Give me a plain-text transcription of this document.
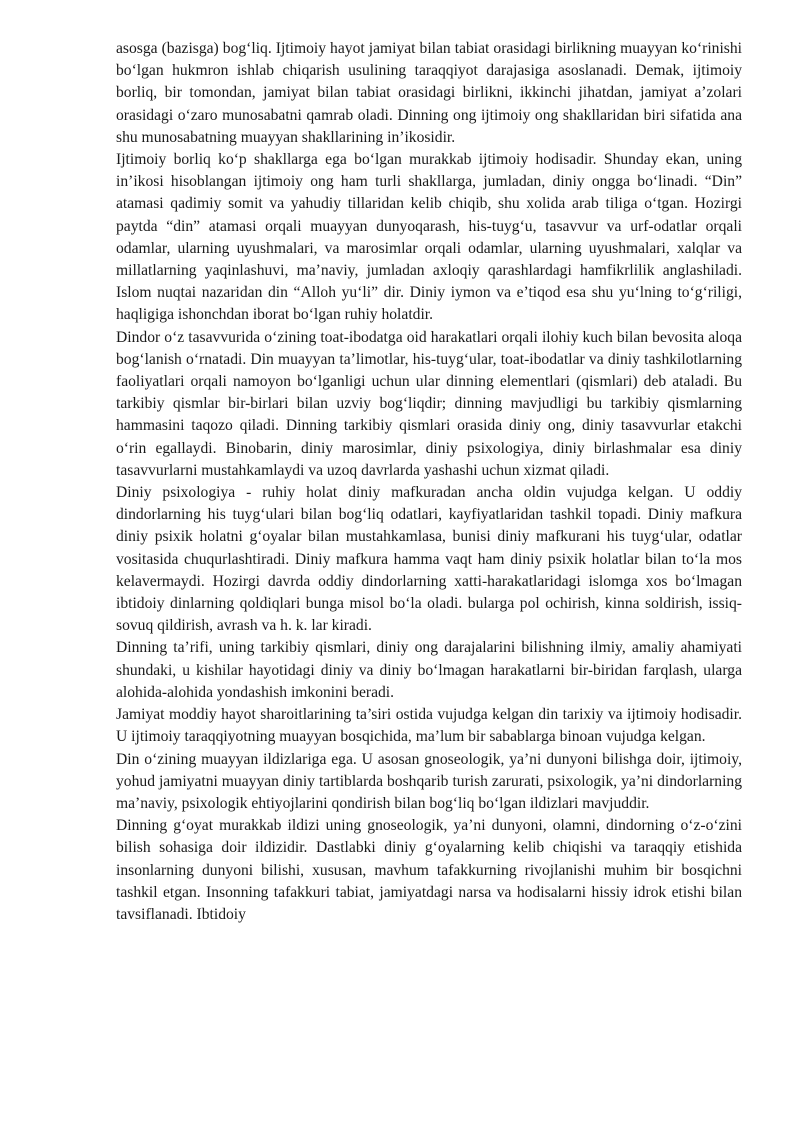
asosga (bazisga) bog‘liq. Ijtimoiy hayot jamiyat bilan tabiat orasidagi birlikning muayyan ko‘rinishi bo‘lgan hukmron ishlab chiqarish usulining taraqqiyot darajasiga asoslanadi. Demak, ijtimoiy borliq, bir tomondan, jamiyat bilan tabiat orasidagi birlikni, ikkinchi jihatdan, jamiyat a’zolari orasidagi o‘zaro munosabatni qamrab oladi. Dinning ong ijtimoiy ong shakllaridan biri sifatida ana shu munosabatning muayyan shakllarining in’ikosidir.

Ijtimoiy borliq ko‘p shakllarga ega bo‘lgan murakkab ijtimoiy hodisadir. Shunday ekan, uning in’ikosi hisoblangan ijtimoiy ong ham turli shakllarga, jumladan, diniy ongga bo‘linadi. “Din” atamasi qadimiy somit va yahudiy tillaridan kelib chiqib, shu xolida arab tiliga o‘tgan. Hozirgi paytda “din” atamasi orqali muayyan dunyoqarash, his-tuyg‘u, tasavvur va urf-odatlar orqali odamlar, ularning uyushmalari, va marosimlar orqali odamlar, ularning uyushmalari, xalqlar va millatlarning yaqinlashuvi, ma’naviy, jumladan axloqiy qarashlardagi hamfikrlilik anglashiladi. Islom nuqtai nazaridan din “Alloh yu‘li” dir. Diniy iymon va e’tiqod esa shu yu‘lning to‘g‘riligi, haqligiga ishonchdan iborat bo‘lgan ruhiy holatdir.

Dindor o‘z tasavvurida o‘zining toat-ibodatga oid harakatlari orqali ilohiy kuch bilan bevosita aloqa bog‘lanish o‘rnatadi. Din muayyan ta’limotlar, his-tuyg‘ular, toat-ibodatlar va diniy tashkilotlarning faoliyatlari orqali namoyon bo‘lganligi uchun ular dinning elementlari (qismlari) deb ataladi. Bu tarkibiy qismlar bir-birlari bilan uzviy bog‘liqdir; dinning mavjudligi bu tarkibiy qismlarning hammasini taqozo qiladi. Dinning tarkibiy qismlari orasida diniy ong, diniy tasavvurlar etakchi o‘rin egallaydi. Binobarin, diniy marosimlar, diniy psixologiya, diniy birlashmalar esa diniy tasavvurlarni mustahkamlaydi va uzoq davrlarda yashashi uchun xizmat qiladi.

Diniy psixologiya - ruhiy holat diniy mafkuradan ancha oldin vujudga kelgan. U oddiy dindorlarning his tuyg‘ulari bilan bog‘liq odatlari, kayfiyatlaridan tashkil topadi. Diniy mafkura diniy psixik holatni g‘oyalar bilan mustahkamlasa, bunisi diniy mafkurani his tuyg‘ular, odatlar vositasida chuqurlashtiradi. Diniy mafkura hamma vaqt ham diniy psixik holatlar bilan to‘la mos kelavermaydi. Hozirgi davrda oddiy dindorlarning xatti-harakatlaridagi islomga xos bo‘lmagan ibtidoiy dinlarning qoldiqlari bunga misol bo‘la oladi. bularga pol ochirish, kinna soldirish, issiq-sovuq qildirish, avrash va h. k. lar kiradi.

Dinning ta’rifi, uning tarkibiy qismlari, diniy ong darajalarini bilishning ilmiy, amaliy ahamiyati shundaki, u kishilar hayotidagi diniy va diniy bo‘lmagan harakatlarni bir-biridan farqlash, ularga alohida-alohida yondashish imkonini beradi.

Jamiyat moddiy hayot sharoitlarining ta’siri ostida vujudga kelgan din tarixiy va ijtimoiy hodisadir. U ijtimoiy taraqqiyotning muayyan bosqichida, ma’lum bir sabablarga binoan vujudga kelgan.

Din o‘zining muayyan ildizlariga ega. U asosan gnoseologik, ya’ni dunyoni bilishga doir, ijtimoiy, yohud jamiyatni muayyan diniy tartiblarda boshqarib turish zarurati, psixologik, ya’ni dindorlarning ma’naviy, psixologik ehtiyojlarini qondirish bilan bog‘liq bo‘lgan ildizlari mavjuddir.

Dinning g‘oyat murakkab ildizi uning gnoseologik, ya’ni dunyoni, olamni, dindorning o‘z-o‘zini bilish sohasiga doir ildizidir. Dastlabki diniy g‘oyalarning kelib chiqishi va taraqqiy etishida insonlarning dunyoni bilishi, xususan, mavhum tafakkurning rivojlanishi muhim bir bosqichni tashkil etgan. Insonning tafakkuri tabiat, jamiyatdagi narsa va hodisalarni hissiy idrok etishi bilan tavsiflanadi. Ibtidoiy
